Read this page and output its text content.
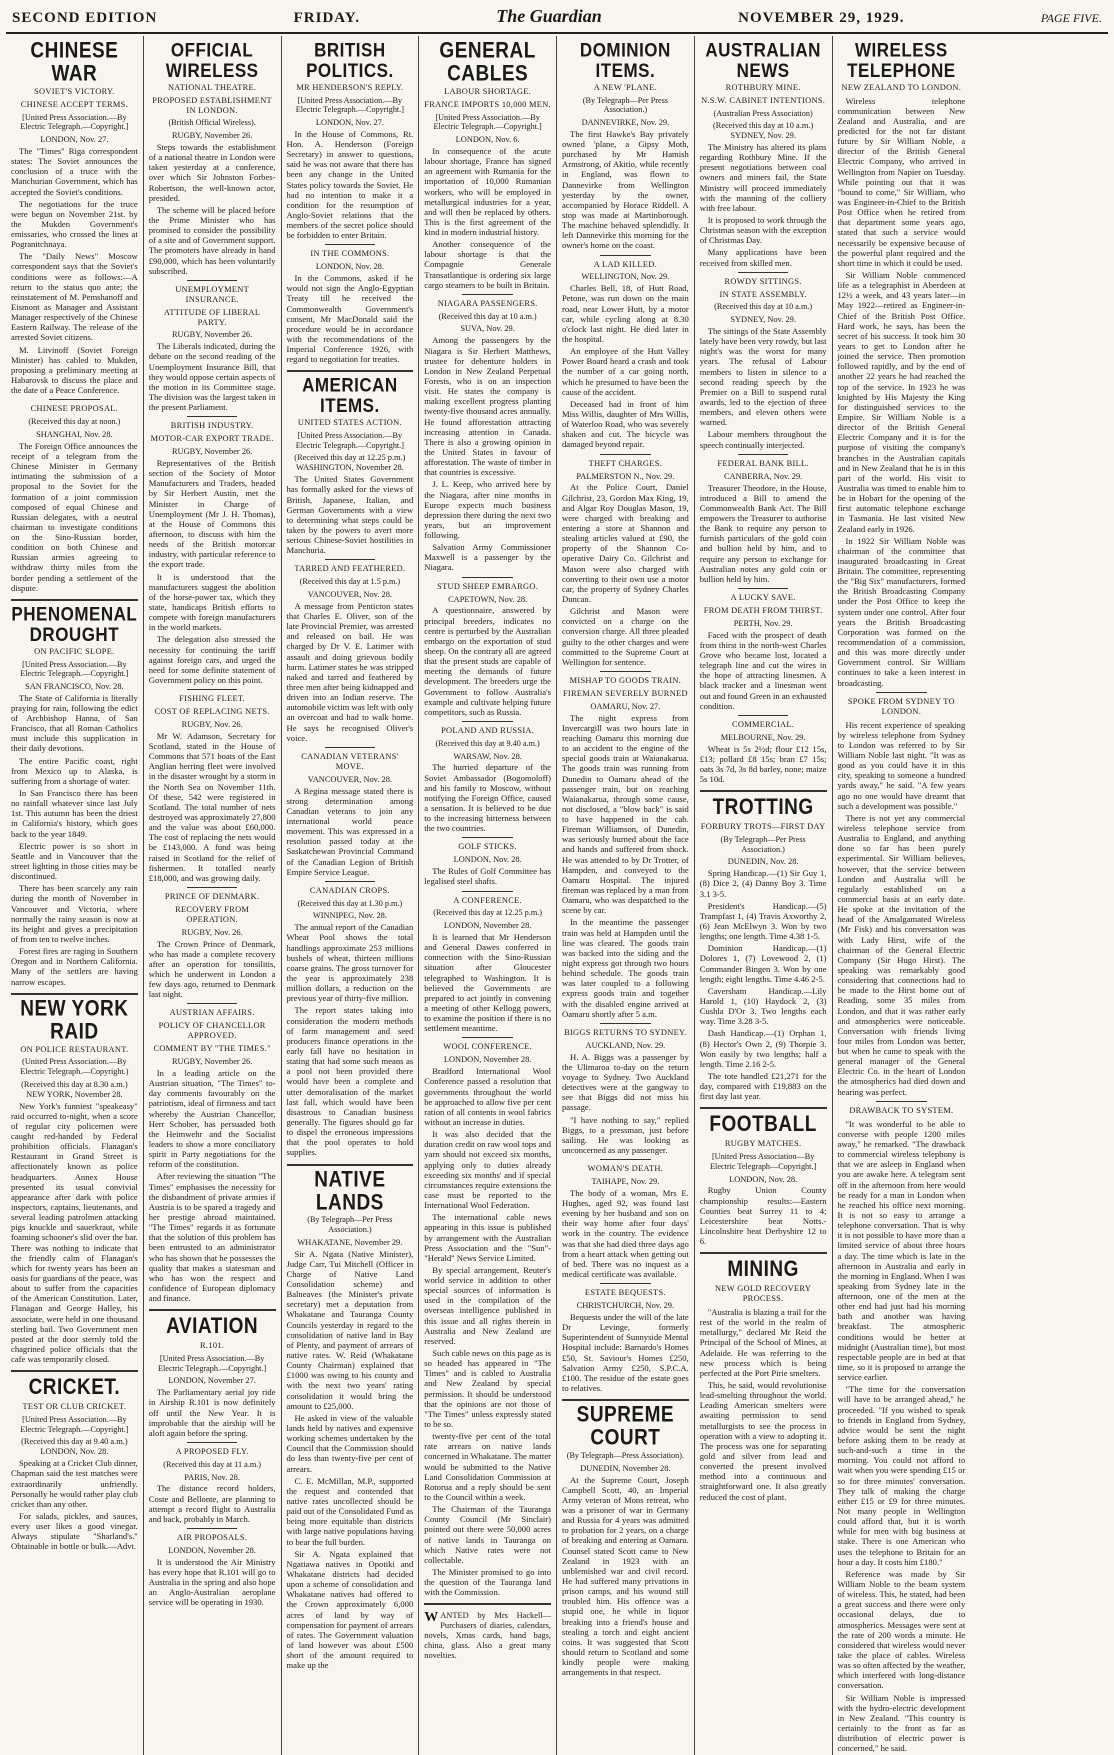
SECOND EDITION	FRIDAY.	The Guardian	NOVEMBER 29, 1929.	PAGE FIVE.
CHINESE WAR
SOVIET'S VICTORY.
CHINESE ACCEPT TERMS.
[United Press Association.—By Electric Telegraph.—Copyright.]
LONDON, Nov. 27.

The "Times" Riga correspondent states: The Soviet announces the conclusion of a truce with the Manchurian Government, which has accepted the Soviet's conditions.

The negotiations for the truce were begun on November 21st. by the Mukden Government's emissaries, who crossed the lines at Pogranitchnaya.

The "Daily News" Moscow correspondent says that the Soviet's conditions were as follows:—A return to the status quo ante; the reinstatement of M. Pemshanoff and Eismont as Manager and Assistant Manager respectively of the Chinese Eastern Railway. The release of the arrested Soviet citizens.

M. Litvinoff (Soviet Foreign Minister) has cabled to Mukden, proposing a preliminary meeting at Habarovsk to discuss the place and the date of a Peace Conference.

CHINESE PROPOSAL.
(Received this day at noon.)
SHANGHAI, Nov. 28.

The Foreign Office announces the receipt of a telegram from the Chinese Minister in Germany intimating the submission of a proposal to the Soviet for the formation of a joint commission composed of equal Chinese and Russian delegates, with a neutral chairman to investigate conditions on the Sino-Russian border, condition on both Chinese and Russian armies agreeing to withdraw thirty miles from the border pending a settlement of the dispute.

PHENOMENAL DROUGHT
ON PACIFIC SLOPE.
[United Press Association.—By Electric Telegraph.—Copyright.]
SAN FRANCISCO, Nov. 28.

The State of California is literally praying for rain, following the edict of Archbishop Hanna, of San Francisco, that all Roman Catholics must include this supplication in their daily devotions.

The entire Pacific coast, right from Mexico up to Alaska, is suffering from a shortage of water.

In San Francisco there has been no rainfall whatever since last July 1st. This autumn has been the driest in California's history, which goes back to the year 1849.

Electric power is so short in Seattle and in Vancouver that the street lighting in those cities may be discontinued.

There has been scarcely any rain during the month of November in Vancouver and Victoria, where normally the rainy season is now at its height and gives a precipitation of from ten to twelve inches.

Forest fires are raging in Southern Oregon and in Northern California. Many of the settlers are having narrow escapes.

NEW YORK RAID
ON POLICE RESTAURANT.
(United Press Association.—By Electric Telegraph.—Copyright.)
(Received this day at 8.30 a.m.) NEW YORK, November 28.

New York's funniest "speakeasy" raid occurred to-night, when a score of regular city policemen were caught red-handed by Federal prohibition officials. Flanagan's Restaurant in Grand Street is affectionately known as police headquarters. Annex House presented its usual convivial appearance after dark with police inspectors, captains, lieutenants, and several leading patrolmen attacking pigs knuckle and sauerkraut, while foaming schooner's slid over the bar. There was nothing to indicate that the friendly calm of Flanagan's which for twenty years has been an oasis for guardians of the peace, was about to suffer from the capacities of the American Constitution. Later, Flanagan and George Halley, his associate, were held in one thousand sterling bail. Two Government men posted at the door sternly told the chagrined police officials that the cafe was temporarily closed.

CRICKET.
TEST OR CLUB CRICKET.
[United Press Association.—By Electric Telegraph.—Copyright.]
(Received this day at 9.40 a.m.) LONDON, Nov. 28.

Speaking at a Cricket Club dinner, Chapman said the test matches were extraordinarily unfriendly. Personally he would rather play club cricket than any other.

For salads, pickles, and sauces, every user likes a good vinegar. Always stipulate "Sharland's." Obtainable in bottle or bulk.—Advt.

OFFICIAL WIRELESS
NATIONAL THEATRE.
PROPOSED ESTABLISHMENT IN LONDON.
(British Official Wireless).
RUGBY, November 26.

Steps towards the establishment of a national theatre in London were taken yesterday at a conference, over which Sir Johnston Forbes-Robertson, the well-known actor, presided.

The scheme will be placed before the Prime Minister who has promised to consider the possibility of a site and of Government support. The promoters have already in hand £90,000, which has been voluntarily subscribed.

UNEMPLOYMENT INSURANCE.
ATTITUDE OF LIBERAL PARTY.
RUGBY, November 26.

The Liberals indicated, during the debate on the second reading of the Unemployment Insurance Bill, that they would oppose certain aspects of the motion in its Committee stage. The division was the largest taken in the present Parliament.

BRITISH INDUSTRY.
MOTOR-CAR EXPORT TRADE.
RUGBY, November 26.

Representatives of the British section of the Society of Motor Manufacturers and Traders, headed by Sir Herbert Austin, met the Minister in Charge of Unemployment (Mr J. H. Thomas), at the House of Commons this afternoon, to discuss with him the needs of the British motorcar industry, with particular reference to the export trade.

It is understood that the manufacturers suggest the abolition of the horse-power tax, which they state, handicaps British efforts to compete with foreign manufacturers in the world markets.

The delegation also stressed the necessity for continuing the tariff against foreign cars, and urged the need for some definite statement of Government policy on this point.

FISHING FLEET.
COST OF REPLACING NETS.
RUGBY, Nov. 26.

Mr W. Adamson, Secretary for Scotland, stated in the House of Commons that 571 boats of the East Anglian herring fleet were involved in the disaster wrought by a storm in the North Sea on November 11th. Of these, 542 were registered in Scotland. The total number of nets destroyed was approximately 27,800 and the value was about £60,000. The cost of replacing the nets would be £143,000. A fund was being raised in Scotland for the relief of fishermen. It totalled nearly £18,000, and was growing daily.

PRINCE OF DENMARK.
RECOVERY FROM OPERATION.
RUGBY, Nov. 26.

The Crown Prince of Denmark, who has made a complete recovery after an operation for tonsilitis, which he underwent in London a few days ago, returned to Denmark last night.

AUSTRIAN AFFAIRS.
POLICY OF CHANCELLOR APPROVED.
COMMENT BY "THE TIMES."
RUGBY, November 26.

In a leading article on the Austrian situation, "The Times" to-day comments favourably on the patriotism, ideal of firmness and tact whereby the Austrian Chancellor, Herr Schober, has persuaded both the Heimwehr and the Socialist leaders to show a more conciliatory spirit in Party negotiations for the reform of the constitution.

After reviewing the situation "The Times" emphasises the necessity for the disbandment of private armies if Austria is to be spared a tragedy and her prestige abroad maintained. "The Times" regards it as fortunate that the solution of this problem has been entrusted to an administrator who has shown that he possesses the quality that makes a statesman and who has won the respect and confidence of European diplomacy and finance.

AVIATION
R.101.
[United Press Association.—By Electric Telegraph.—Copyright.]
LONDON, November 27.

The Parliamentary aerial joy ride in Airship R.101 is now definitely off until the New Year. It is improbable that the airship will be aloft again before the spring.

A PROPOSED FLY.
(Received this day at 11 a.m.)
PARIS, Nov. 28.

The distance record holders, Coste and Bellonte, are planning to attempt a record flight to Australia and back, probably in March.

AIR PROPOSALS.
LONDON, November 28.

It is understood the Air Ministry has every hope that R.101 will go to Australia in the spring and also hope an Anglo-Australian aeroplane service will be operating in 1930.

BRITISH POLITICS.
MR HENDERSON'S REPLY.
[United Press Association.—By Electric Telegraph.—Copyright.]
LONDON, Nov. 27.

In the House of Commons, Rt. Hon. A. Henderson (Foreign Secretary) in answer to questions, said he was not aware that there has been any change in the United States policy towards the Soviet. He had no intention to make it a condition for the resumption of Anglo-Soviet relations that the members of the secret police should be forbidden to enter Britain.

IN THE COMMONS.
LONDON, Nov. 28.

In the Commons, asked if he would not sign the Anglo-Egyptian Treaty till he received the Commonwealth Government's consent, Mr MacDonald said the procedure would be in accordance with the recommendations of the Imperial Conference 1926, with regard to negotiation for treaties.

AMERICAN ITEMS.
UNITED STATES ACTION.
[United Press Association.—By Electric Telegraph.—Copyright.]
(Received this day at 12.25 p.m.) WASHINGTON, November 28.

The United States Government has formally asked for the views of British, Japanese, Italian, and German Governments with a view to determining what steps could be taken by the powers to avert more serious Chinese-Soviet hostilities in Manchuria.

TARRED AND FEATHERED.
(Received this day at 1.5 p.m.)
VANCOUVER, Nov. 28.

A message from Penticton states that Charles E. Oliver, son of the late Provincial Premier, was arrested and released on bail. He was charged by Dr V. E. Latimer with assault and doing grievous bodily harm. Latimer states he was stripped naked and tarred and feathered by three men after being kidnapped and driven into an Indian reserve. The automobile victim was left with only an overcoat and had to walk home. He says he recognised Oliver's voice.

CANADIAN VETERANS' MOVE.
VANCOUVER, Nov. 28.

A Regina message stated there is strong determination among Canadian veterans to join any international world peace movement. This was expressed in a resolution passed today at the Saskatchewan Provincial Command of the Canadian Legion of British Empire Service League.

CANADIAN CROPS.
(Received this day at 1.30 p.m.)
WINNIPEG, Nov. 28.

The annual report of the Canadian Wheat Pool shows the total handlings approximate 253 millions bushels of wheat, thirteen millions coarse grains. The gross turnover for the year is approximately 238 million dollars, a reduction on the previous year of thirty-five million.

The report states taking into consideration the modern methods of farm management and seed producers finance operations in the early fall have no hesitation in stating that had some such means as a pool not been provided there would have been a complete and utter demoralisation of the market last fall, which would have been disastrous to Canadian business generally. The figures should go far to dispel the erroneous impressions that the pool operates to hold supplies.

NATIVE LANDS
(By Telegraph—Per Press Association.)
WHAKATANE, November 29.

Sir A. Ngata (Native Minister), Judge Carr, Tui Mitchell (Officer in Charge of Native Land Consolidation scheme) and Balneaves (the Minister's private secretary) met a deputation from Whakatane and Tauranga County Councils yesterday in regard to the consolidation of native land in Bay of Plenty, and payment of arrears of native rates. W. Reid (Whakatane County Chairman) explained that £1000 was owing to his county and with the next two years' rating consolidation it would bring the amount to £25,000.

He asked in view of the valuable lands held by natives and expensive working schemes undertaken by the Council that the Commission should do less than twenty-five per cent of arrears.

C. E. McMillan, M.P., supported the request and contended that native rates uncollected should be paid out of the Consolidated Fund as being more equitable than districts with large native populations having to bear the full burden.

Sir A. Ngata explained that Ngatiawa natives in Opotiki and Whakatane districts had decided upon a scheme of consolidation and Whakatane natives had offered to the Crown approximately 6,000 acres of land by way of compensation for payment of arrears of rates. The Government valuation of land however was about £500 short of the amount required to make up the

GENERAL CABLES
LABOUR SHORTAGE.
FRANCE IMPORTS 10,000 MEN.
[United Press Association.—By Electric Telegraph.—Copyright.]
LONDON, Nov. 6.

In consequence of the acute labour shortage, France has signed an agreement with Rumania for the importation of 10,000 Rumanian workers, who will be employed in metallurgical industries for a year, and will then be replaced by others. This is the first agreement of the kind in modern industrial history.

Another consequence of the labour shortage is that the Compagnie Generale Transatlantique is ordering six large cargo steamers to be built in Britain.

NIAGARA PASSENGERS.
(Received this day at 10 a.m.)
SUVA, Nov. 29.

Among the passengers by the Niagara is Sir Herbert Matthews, trustee for debenture holders in London in New Zealand Perpetual Forests, who is on an inspection visit. He states the company is making excellent progress planting twenty-five thousand acres annually. He found afforestation attracting increasing attention in Canada. There is also a growing opinion in the United States in favour of afforestation. The waste of timber in that countries is excessive.

J. L. Keep, who arrived here by the Niagara, after nine months in Europe expects much business depression there during the next two years, but an improvement following.

Salvation Army Commissioner Maxwell is a passenger by the Niagara.

STUD SHEEP EMBARGO.
CAPETOWN, Nov. 28.

A questionnaire, answered by principal breeders, indicates no centre is perturbed by the Australian embargo on the exportation of stud sheep. On the contrary all are agreed that the present studs are capable of meeting the demands of future development. The breeders urge the Government to follow Australia's example and cultivate helping future competitors, such as Russia.

POLAND AND RUSSIA.
(Received this day at 9.40 a.m.)
WARSAW, Nov. 28.

The hurried departure of the Soviet Ambassador (Bogomoloff) and his family to Moscow, without notifying the Foreign Office, caused a sensation. It is believed to be due to the increasing bitterness between the two countries.

GOLF STICKS.
LONDON, Nov. 28.

The Rules of Golf Committee has legalised steel shafts.

A CONFERENCE.
(Received this day at 12.25 p.m.)
LONDON, November 28.

It is learned that Mr Henderson and General Dawes conferred in connection with the Sino-Russian situation after Gloucester telegraphed to Washington. It is believed the Governments are prepared to act jointly in convening a meeting of other Kellogg powers, to examine the position if there is no settlement meantime.

WOOL CONFERENCE.
LONDON, November 28.

Bradford International Wool Conference passed a resolution that governments throughout the world be approached to allow five per cent ration of all contents in wool fabrics without an increase in duties.

It was also decided that the duration credit on raw wool tops and yarn should not exceed six months, applying only to duties already exceeding six months' and if special circumstances require extensions the case must be reported to the International Wool Federation.

The international cable news appearing in this issue is published by arrangement with the Australian Press Association and the "Sun"-"Herald" News Service Limited.

By special arrangement, Reuter's world service in addition to other special sources of information is used in the compilation of the overseas intelligence published in this issue and all rights therein in Australia and New Zealand are reserved.

Such cable news on this page as is so headed has appeared in "The Times" and is cabled to Australia and New Zealand by special permission. It should be understood that the opinions are not those of "The Times" unless expressly stated to be so.

twenty-five per cent of the total rate arrears on native lands concerned in Whakatane. The matter would be submitted to the Native Land Consolidation Commission at Rotorua and a reply should be sent to the Council within a week.

The Chairman of the Tauranga County Council (Mr Sinclair) pointed out there were 50,000 acres of native lands in Tauranga on which Native rates were not collectable.

The Minister promised to go into the question of the Tauranga land with the Commission.

WANTED by Mrs Hackell—Purchasers of diaries, calendars, novels, Xmas cards, hand bags, china, glass. Also a great many novelties.
DOMINION ITEMS.
A NEW 'PLANE.
(By Telegraph—Per Press Association.)
DANNEVIRKE, Nov. 29.

The first Hawke's Bay privately owned 'plane, a Gipsy Moth, purchased by Mr Hamish Armstrong, of Akitio, while recently in England, was flown to Dannevirke from Wellington yesterday by the owner, accompanied by Horace Riddell. A stop was made at Martinborough. The machine behaved splendidly. It left Dannevirke this morning for the owner's home on the coast.

A LAD KILLED.
WELLINGTON, Nov. 29.

Charles Bell, 18, of Hutt Road, Petone, was run down on the main road, near Lower Hutt, by a motor car, while cycling along at 8.30 o'clock last night. He died later in the hospital.

An employee of the Hutt Valley Power Board heard a crash and took the number of a car going north, which he presumed to have been the cause of the accident.

Deceased had in front of him Miss Willis, daughter of Mrs Willis, of Waterloo Road, who was severely shaken and cut. The bicycle was damaged beyond repair.

THEFT CHARGES.
PALMERSTON N., Nov. 29.

At the Police Court, Daniel Gilchrist, 23, Gordon Max King, 19, and Algar Roy Douglas Mason, 19, were charged with breaking and entering a store at Shannon and stealing articles valued at £90, the property of the Shannon Co-operative Dairy Co. Gilchrist and Mason were also charged with converting to their own use a motor car, the property of Sydney Charles Duncan.

Gilchrist and Mason were convicted on a charge on the conversion charge. All three pleaded guilty to the other charges and were committed to the Supreme Court at Wellington for sentence.

MISHAP TO GOODS TRAIN.
FIREMAN SEVERELY BURNED
OAMARU, Nov. 27.

The night express from Invercargill was two hours late in reaching Oamaru this morning due to an accident to the engine of the special goods train at Waianakarua. The goods train was running from Dunedin to Oamaru ahead of the passenger train, but on reaching Waianakarua, through some cause, not disclosed, a "blow back" is said to have happened in the cab. Fireman Williamson, of Dunedin, was seriously burned about the face and hands and suffered from shock. He was attended to by Dr Trotter, of Hampden, and conveyed to the Oamaru Hospital. The injured fireman was replaced by a man from Oamaru, who was despatched to the scene by car.

In the meantime the passenger train was held at Hampden until the line was cleared. The goods train was backed into the siding and the night express got through two hours behind schedule. The goods train was later coupled to a following express goods train and together with the disabled engine arrived at Oamaru shortly after 5 a.m.

BIGGS RETURNS TO SYDNEY.
AUCKLAND, Nov. 29.

H. A. Biggs was a passenger by the Ulimaroa to-day on the return voyage to Sydney. Two Auckland detectives were at the gangway to see that Biggs did not miss his passage.

"I have nothing to say," replied Biggs, to a pressman, just before sailing. He was looking as unconcerned as any passenger.

WOMAN'S DEATH.
TAIHAPE, Nov. 29.

The body of a woman, Mrs E. Hughes, aged 92, was found last evening by her husband and son on their way home after four days' work in the country. The evidence was that she had died three days ago from a heart attack when getting out of bed. There was no inquest as a medical certificate was available.

ESTATE BEQUESTS.
CHRISTCHURCH, Nov. 29.

Bequests under the will of the late Dr Levinge, formerly Superintendent of Sunnyside Mental Hospital include: Barnardo's Homes £50, St. Saviour's Homes £250, Salvation Army £250, S.P.C.A. £100. The residue of the estate goes to relatives.

SUPREME COURT
(By Telegraph—Press Association).
DUNEDIN, November 28.

At the Supreme Court, Joseph Campbell Scott, 40, an Imperial Army veteran of Mons retreat, who was a prisoner of war in Germany and Russia for 4 years was admitted to probation for 2 years, on a charge of breaking and entering at Oamaru. Counsel stated Scott came to New Zealand in 1923 with an unblemished war and civil record. He had suffered many privations in prison camps, and his wound still troubled him. His offence was a stupid one, he while in liquor breaking into a friend's house and stealing a torch and eight ancient coins. It was suggested that Scott should return to Scotland and some kindly people were making arrangements in that respect.

AUSTRALIAN NEWS
ROTHBURY MINE.
N.S.W. CABINET INTENTIONS.
(Australian Press Association)
(Received this day at 10 a.m.) SYDNEY, Nov. 29.

The Ministry has altered its plans regarding Rothbury Mine. If the present negotiations between coal owners and miners fail, the State Ministry will proceed immediately with the manning of the colliery with free labour.

It is proposed to work through the Christmas season with the exception of Christmas Day.

Many applications have been received from skilled men.

ROWDY SITTINGS.
IN STATE ASSEMBLY.
(Received this day at 10 a.m.)
SYDNEY, Nov. 29.

The sittings of the State Assembly lately have been very rowdy, but last night's was the worst for many years. The refusal of Labour members to listen in silence to a second reading speech by the Premier on a Bill to suspend rural awards, led to the ejection of three members, and eleven others were warned.

Labour members throughout the speech continually interjected.

FEDERAL BANK BILL.
CANBERRA, Nov. 29.

Treasurer Theodore, in the House, introduced a Bill to amend the Commonwealth Bank Act. The Bill empowers the Treasurer to authorise the Bank to require any person to furnish particulars of the gold coin and bullion held by him, and to require any person to exchange for Australian notes any gold coin or bullion held by him.

A LUCKY SAVE.
FROM DEATH FROM THIRST.
PERTH, Nov. 29.

Faced with the prospect of death from thirst in the north-west Charles Grove who became lost, located a telegraph line and cut the wires in the hope of attracting linesmen. A black tracker and a linesman went out and found Green in an exhausted condition.

COMMERCIAL.
MELBOURNE, Nov. 29.

Wheat is 5s 2½d; flour £12 15s, £13; pollard £8 15s; bran £7 15s; oats 3s 7d, 3s 8d barley, none; maize 5s 10d.

TROTTING
FORBURY TROTS—FIRST DAY
(By Telegraph—Per Press Association.)
DUNEDIN, Nov. 28.

Spring Handicap.—(1) Sir Guy 1, (8) Dice 2, (4) Danny Boy 3. Time 3.1 3-5.

President's Handicap.—(5) Trampfast 1, (4) Travis Axworthy 2, (6) Jean McElwyn 3. Won by two lengths; one length. Time 4.38 1-5.

Dominion Handicap.—(1) Dolores 1, (7) Lovewood 2, (1) Commander Bingen 3. Won by one length; eight lengths. Time 4.46 2-5.

Caversham Handicap.—Lily Harold 1, (10) Haydock 2, (3) Cushla D'Or 3. Two lengths each way. Time 3.28 3-5.

Dash Handicap.—(1) Orphan 1, (8) Hector's Own 2, (9) Thorpie 3. Won easily by two lengths; half a length. Time 2.16 2-5.

The tote handled £21,271 for the day, compared with £19,883 on the first day last year.

FOOTBALL
RUGBY MATCHES.
[United Press Association—By Electric Telegraph—Copyright.]
LONDON, Nov. 28.

Rugby Union County championship results:—Eastern Counties beat Surrey 11 to 4; Leicestershire beat Notts.-Lincolnshire beat Derbyshire 12 to 6.

MINING
NEW GOLD RECOVERY PROCESS.

"Australia is blazing a trail for the rest of the world in the realm of metallurgy," declared Mr Reid the Principal of the School of Mines, at Adelaide. He was referring to the new process which is being perfected at the Port Pirie smelters.

This, he said, would revolutionise lead-smelting throughout the world. Leading American smelters were awaiting permission to send metallurgists to see the process in operation with a view to adopting it. The process was one for separating gold and silver from lead and converted the present involved method into a continuous and straightforward one. It also greatly reduced the cost of plant.

WIRELESS TELEPHONE
NEW ZEALAND TO LONDON.

Wireless telephone communication between New Zealand and Australia, and are predicted for the not far distant future by Sir William Noble, a director of the British General Electric Company, who arrived in Wellington from Napier on Tuesday. While pointing out that it was "bound to come," Sir William, who was Engineer-in-Chief to the British Post Office when he retired from that department some years ago, stated that such a service would necessarily be expensive because of the powerful plant required and the short time in which it could be used.

Sir William Noble commenced life as a telegraphist in Aberdeen at 12½ a week, and 43 years later—in May 1922—retired as Engineer-in-Chief of the British Post Office. Hard work, he says, has been the secret of his success. It took him 30 years to get to London after he joined the service. Then promotion followed rapidly, and by the end of another 22 years he had reached the top of the service. In 1923 he was knighted by His Majesty the King for distinguished services to the Empire. Sir William Noble is a director of the British General Electric Company and it is for the purpose of visiting the company's branches in the Australian capitals and in New Zealand that he is in this part of the world. His visit to Australia was timed to enable him to be in Hobart for the opening of the first automatic telephone exchange in Tasmania. He last visited New Zealand early in 1926.

In 1922 Sir William Noble was chairman of the committee that inaugurated broadcasting in Great Britain. The committee, representing the "Big Six" manufacturers, formed the British Broadcasting Company under the Post Office to keep the system under one control. After four years the British Broadcasting Corporation was formed on the recommendation of a commission, and this was more directly under Government control. Sir William continues to take a keen interest in broadcasting.

SPOKE FROM SYDNEY TO LONDON.

His recent experience of speaking by wireless telephone from Sydney to London was referred to by Sir William Noble last night. "It was as good as you could have it in this city, speaking to someone a hundred yards away," he said. "A few years ago no one would have dreamt that such a development was possible."

There is not yet any commercial wireless telephone service from Australia to England, and anything done so far has been purely experimental. Sir William believes, however, that the service between London and Australia will be regularly established on a commercial basis at an early date. He spoke at the invitation of the head of the Amalgamated Wireless (Mr Fisk) and his conversation was with Lady Hirst, wife of the chairman of the General Electric Company (Sir Hugo Hirst). The speaking was remarkably good considering that connections had to be made to the Hirst home out of Reading, some 35 miles from London, and that it was rather early and atmospherics were noticeable. Conversation with friends living four miles from London was better, but when he came to speak with the general manager of the General Electric Co. in the heart of London the atmospherics had died down and hearing was perfect.

DRAWBACK TO SYSTEM.

"It was wonderful to be able to converse with people 1200 miles away," he remarked. "The drawback to commercial wireless telephony is that we are asleep in England when you are awake here. A telegram sent off in the afternoon from here would be ready for a man in London when he reached his office next morning. It is not so easy to arrange a telephone conversation. That is why it is not possible to have more than a limited service of about three hours a day. The time which is late in the afternoon in Australia and early in the morning in England. When I was speaking from Sydney late in the afternoon, one of the men at the other end had just had his morning bath and another was having breakfast. The atmospheric conditions would be better at midnight (Australian time), but most respectable people are in bed at that time, so it is proposed to arrange the service earlier.

"The time for the conversation will have to be arranged ahead," he proceeded. "If you wished to speak to friends in England from Sydney, advice would be sent the night before asking them to be ready at such-and-such a time in the morning. You could not afford to wait when you were spending £15 or so for three minutes' conversation. They talk of making the charge either £15 or £9 for three minutes. Not many people in Wellington could afford that, but it is worth while for men with big business at stake. There is one American who uses the telephone to Britain for an hour a day. It costs him £180."

Reference was made by Sir William Noble to the beam system of wireless. This, he stated, had been a great success and there were only occasional delays, due to atmospherics. Messages were sent at the rate of 200 words a minute. He considered that wireless would never take the place of cables. Wireless was so often affected by the weather, which interfered with long-distance conversation.

Sir William Noble is impressed with the hydro-electric development in New Zealand. "This country is certainly to the front as far as distribution of electric power is concerned," he said.
